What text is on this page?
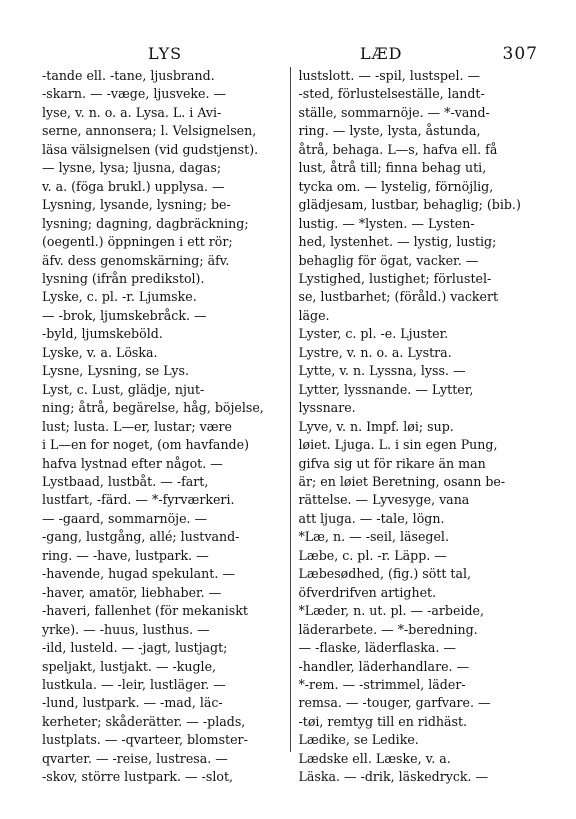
LYS	LÆD	307
-tande ell. -tane, ljusbrand.
-skarn. — -væge, ljusveke. —
lyse, v. n. o. a. Lysa. L. i Avi-
serne, annonsera; l. Velsignelsen,
läsa välsignelsen (vid gudstjenst).
— lysne, lysa; ljusna, dagas;
v. a. (föga brukl.) upplysa. —
Lysning, lysande, lysning; be-
lysning; dagning, dagbräckning;
(oegentl.) öppningen i ett rör;
äfv. dess genomskärning; äfv.
lysning (ifrån predikstol).
Lyske, c. pl. -r. Ljumske.
— -brok, ljumskebråck. —
-byld, ljumskeböld.
Lyske, v. a. Löska.
Lysne, Lysning, se Lys.
Lyst, c. Lust, glädje, njut-
ning; åtrå, begärelse, håg, böjelse,
lust; lusta. L—er, lustar; være
i L—en for noget, (om havfande)
hafva lystnad efter något. —
Lystbaad, lustbåt. — -fart,
lustfart, -färd. — *-fyrværkeri.
— -gaard, sommarnöje. —
-gang, lustgång, allé; lustvand-
ring. — -have, lustpark. —
-havende, hugad spekulant. —
-haver, amatör, liebhaber. —
-haveri, fallenhet (för mekaniskt
yrke). — -huus, lusthus. —
-ild, lusteld. — -jagt, lustjagt;
speljakt, lustjakt. — -kugle,
lustkula. — -leir, lustläger. —
-lund, lustpark. — -mad, läc-
kerheter; skåderätter. — -plads,
lustplats. — -qvarteer, blomster-
qvarter. — -reise, lustresa. —
-skov, större lustpark. — -slot,
lustslott. — -spil, lustspel. —
-sted, förlustelseställe, landt-
ställe, sommarnöje. — *-vand-
ring. — lyste, lysta, åstunda,
åtrå, behaga. L—s, hafva ell. få
lust, åtrå till; finna behag uti,
tycka om. — lystelig, förnöjlig,
glädjesam, lustbar, behaglig; (bib.)
lustig. — *lysten. — Lysten-
hed, lystenhet. — lystig, lustig;
behaglig för ögat, vacker. —
Lystighed, lustighet; förlustel-
se, lustbarhet; (föråld.) vackert
läge.
Lyster, c. pl. -e. Ljuster.
Lystre, v. n. o. a. Lystra.
Lytte, v. n. Lyssna, lyss. —
Lytter, lyssnande. — Lytter,
lyssnare.
Lyve, v. n. Impf. løi; sup.
løiet. Ljuga. L. i sin egen Pung,
gifva sig ut för rikare än man
är; en løiet Beretning, osann be-
rättelse. — Lyvesyge, vana
att ljuga. — -tale, lögn.
*Læ, n. — -seil, läsegel.
Læbe, c. pl. -r. Läpp. —
Læbesødhed, (fig.) sött tal,
öfverdrifven artighet.
*Læder, n. ut. pl. — -arbeide,
läderarbete. — *-beredning.
— -flaske, läderflaska. —
-handler, läderhandlare. —
*-rem. — -strimmel, läder-
remsa. — -touger, garfvare. —
-tøi, remtyg till en ridhäst.
Lædike, se Ledike.
Lædske ell. Læske, v. a.
Läska. — -drik, läskedryck. —
